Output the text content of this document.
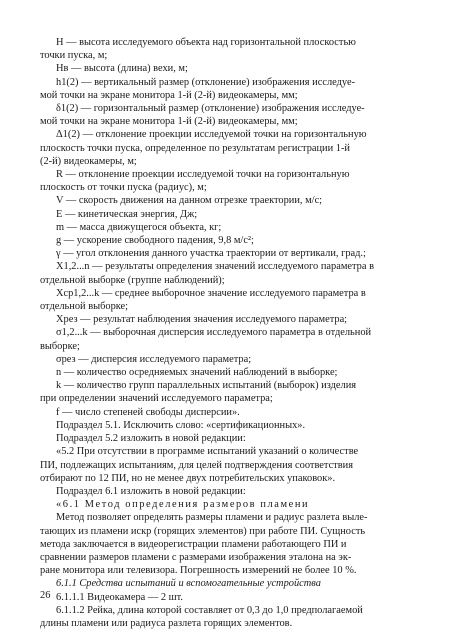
H — высота исследуемого объекта над горизонтальной плоскостью
точки пуска, м;
Hв — высота (длина) вехи, м;
h1(2) — вертикальный размер (отклонение) изображения исследуе-
мой точки на экране монитора 1-й (2-й) видеокамеры, мм;
δ1(2) — горизонтальный размер (отклонение) изображения исследуе-
мой точки на экране монитора 1-й (2-й) видеокамеры, мм;
Δ1(2) — отклонение проекции исследуемой точки на горизонтальную
плоскость точки пуска, определенное по результатам регистрации 1-й
(2-й) видеокамеры, м;
R — отклонение проекции исследуемой точки на горизонтальную
плоскость от точки пуска (радиус), м;
V — скорость движения на данном отрезке траектории, м/с;
E — кинетическая энергия, Дж;
m — масса движущегося объекта, кг;
g — ускорение свободного падения, 9,8 м/с²;
γ — угол отклонения данного участка траектории от вертикали, град.;
X1,2...n — результаты определения значений исследуемого параметра в
отдельной выборке (группе наблюдений);
Xср1,2...k — среднее выборочное значение исследуемого параметра в
отдельной выборке;
Xрез — результат наблюдения значения исследуемого параметра;
σ1,2...k — выборочная дисперсия исследуемого параметра в отдельной
выборке;
σрез — дисперсия исследуемого параметра;
n — количество осредняемых значений наблюдений в выборке;
k — количество групп параллельных испытаний (выборок) изделия
при определении значений исследуемого параметра;
f — число степеней свободы дисперсии».
Подраздел 5.1. Исключить слово: «сертификационных».
Подраздел 5.2 изложить в новой редакции:
«5.2 При отсутствии в программе испытаний указаний о количестве
ПИ, подлежащих испытаниям, для целей подтверждения соответствия
отбирают по 12 ПИ, но не менее двух потребительских упаковок».
Подраздел 6.1 изложить в новой редакции:
«6.1 Метод определения размеров пламени
Метод позволяет определять размеры пламени и радиус разлета выле-
тающих из пламени искр (горящих элементов) при работе ПИ. Сущность
метода заключается в видеорегистрации пламени работающего ПИ и
сравнении размеров пламени с размерами изображения эталона на эк-
ране монитора или телевизора. Погрешность измерений не более 10 %.
6.1.1 Средства испытаний и вспомогательные устройства
6.1.1.1 Видеокамера — 2 шт.
6.1.1.2 Рейка, длина которой составляет от 0,3 до 1,0 предполагаемой
длины пламени или радиуса разлета горящих элементов.
26
